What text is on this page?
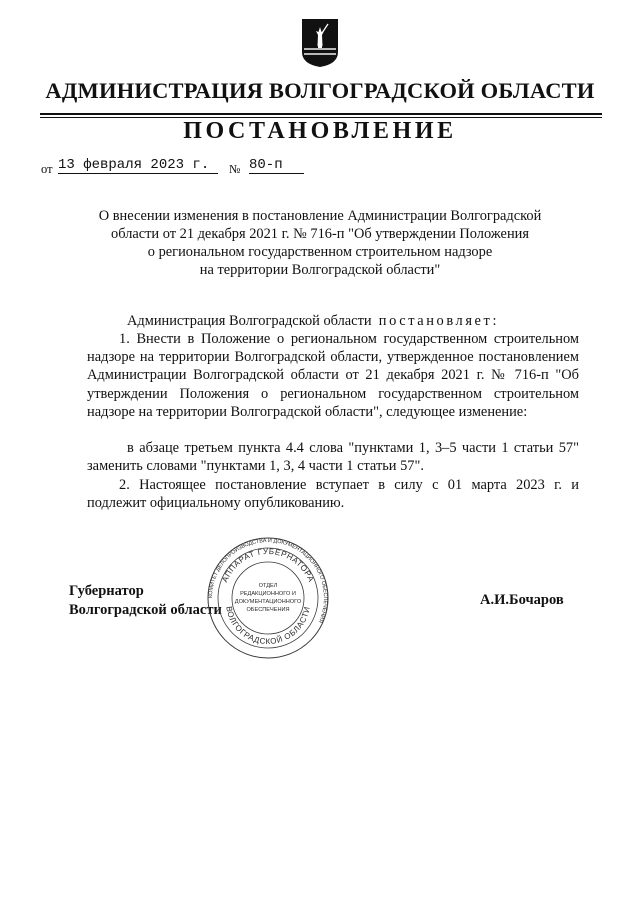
АДМИНИСТРАЦИЯ ВОЛГОГРАДСКОЙ ОБЛАСТИ
ПОСТАНОВЛЕНИЕ
от 13 февраля 2023 г.	№ 80-п
О внесении изменения в постановление Администрации Волгоградской
области от 21 декабря 2021 г. № 716-п "Об утверждении Положения
о региональном государственном строительном надзоре
на территории Волгоградской области"
Администрация Волгоградской области постановляет:
1. Внести в Положение о региональном государственном строительном надзоре на территории Волгоградской области, утвержденное постановлением Администрации Волгоградской области от 21 декабря 2021 г. № 716-п "Об утверждении Положения о региональном государственном строительном надзоре на территории Волгоградской области", следующее изменение:
в абзаце третьем пункта 4.4 слова "пунктами 1, 3–5 части 1 статьи 57" заменить словами "пунктами 1, 3, 4 части 1 статьи 57".
2. Настоящее постановление вступает в силу с 01 марта 2023 г. и подлежит официальному опубликованию.
Губернатор
Волгоградской области
А.И.Бочаров
КОМИТЕТ ДЕЛОПРОИЗВОДСТВА И ДОКУМЕНТАЦИОННОГО ОБЕСПЕЧЕНИЯ
АППАРАТ ГУБЕРНАТОРА
ВОЛГОГРАДСКОЙ ОБЛАСТИ
ОТДЕЛ
РЕДАКЦИОННОГО И
ДОКУМЕНТАЦИОННОГО
ОБЕСПЕЧЕНИЯ
